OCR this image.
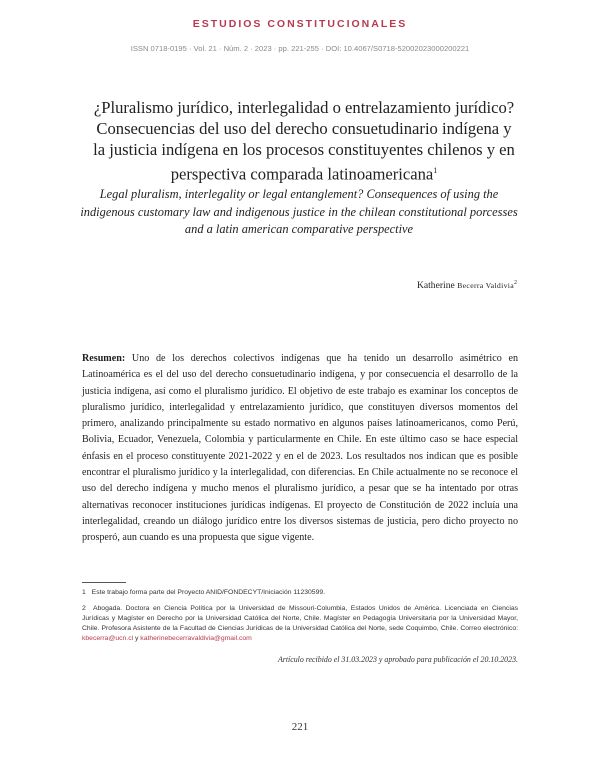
ESTUDIOS CONSTITUCIONALES
ISSN 0718-0195 · Vol. 21 · Núm. 2 · 2023 · pp. 221-255 · DOI: 10.4067/S0718-52002023000200221
¿Pluralismo jurídico, interlegalidad o entrelazamiento jurídico? Consecuencias del uso del derecho consuetudinario indígena y la justicia indígena en los procesos constituyentes chilenos y en perspectiva comparada latinoamericana$^1$
Legal pluralism, interlegality or legal entanglement? Consequences of using the indigenous customary law and indigenous justice in the chilean constitutional porcesses and a latin american comparative perspective
Katherine Becerra Valdivia$^2$
Resumen: Uno de los derechos colectivos indígenas que ha tenido un desarrollo asimétrico en Latinoamérica es el del uso del derecho consuetudinario indígena, y por consecuencia el desarrollo de la justicia indígena, así como el pluralismo jurídico. El objetivo de este trabajo es examinar los conceptos de pluralismo jurídico, interlegalidad y entrelazamiento jurídico, que constituyen diversos momentos del primero, analizando principalmente su estado normativo en algunos países latinoamericanos, como Perú, Bolivia, Ecuador, Venezuela, Colombia y particularmente en Chile. En este último caso se hace especial énfasis en el proceso constituyente 2021-2022 y en el de 2023. Los resultados nos indican que es posible encontrar el pluralismo jurídico y la interlegalidad, con diferencias. En Chile actualmente no se reconoce el uso del derecho indígena y mucho menos el pluralismo jurídico, a pesar que se ha intentado por otras alternativas reconocer instituciones jurídicas indígenas. El proyecto de Constitución de 2022 incluía una interlegalidad, creando un diálogo jurídico entre los diversos sistemas de justicia, pero dicho proyecto no prosperó, aun cuando es una propuesta que sigue vigente.

1 Este trabajo forma parte del Proyecto ANID/FONDECYT/Iniciación 11230599.

2 Abogada. Doctora en Ciencia Política por la Universidad de Missouri-Columbia, Estados Unidos de América. Licenciada en Ciencias Jurídicas y Magíster en Derecho por la Universidad Católica del Norte, Chile. Magíster en Pedagogía Universitaria por la Universidad Mayor, Chile. Profesora Asistente de la Facultad de Ciencias Jurídicas de la Universidad Católica del Norte, sede Coquimbo, Chile. Correo electrónico: kbecerra@ucn.cl y katherinebecerravaldivia@gmail.com

Artículo recibido el 31.03.2023 y aprobado para publicación el 20.10.2023.
221
